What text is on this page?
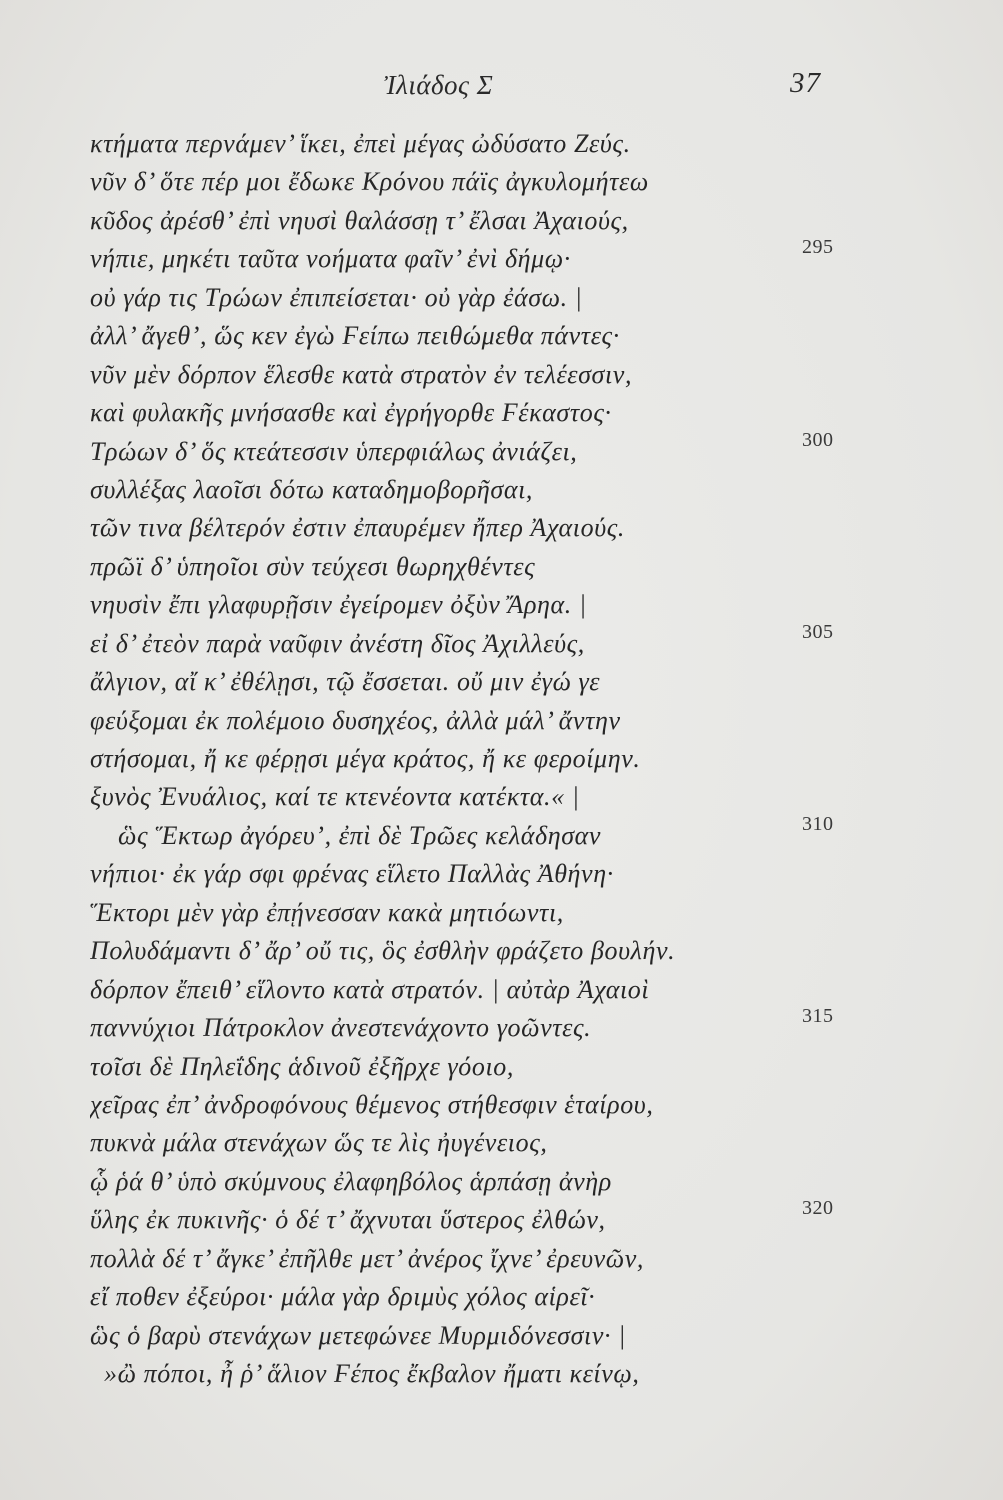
Ἰλιάδος Σ	37
κτήματα περνάμεν’ ἵκει, ἐπεὶ μέγας ὠδύσατο Ζεύς.
νῦν δ’ ὅτε πέρ μοι ἔδωκε Κρόνου πάϊς ἀγκυλομήτεω
κῦδος ἀρέσθ’ ἐπὶ νηυσὶ θαλάσσῃ τ’ ἔλσαι Ἀχαιούς,
νήπιε, μηκέτι ταῦτα νοήματα φαῖν’ ἐνὶ δήμῳ·	295
οὐ γάρ τις Τρώων ἐπιπείσεται· οὐ γὰρ ἐάσω. |
ἀλλ’ ἄγεθ’, ὥς κεν ἐγὼ Ϝείπω πειθώμεθα πάντες·
νῦν μὲν δόρπον ἕλεσθε κατὰ στρατὸν ἐν τελέεσσιν,
καὶ φυλακῆς μνήσασθε καὶ ἐγρήγορθε Ϝέκαστος·
Τρώων δ’ ὅς κτεάτεσσιν ὑπερφιάλως ἀνιάζει,	300
συλλέξας λαοῖσι δότω καταδημοβορῆσαι,
τῶν τινα βέλτερόν ἐστιν ἐπαυρέμεν ἤπερ Ἀχαιούς.
πρῶϊ δ’ ὑπηοῖοι σὺν τεύχεσι θωρηχθέντες
νηυσὶν ἔπι γλαφυρῇσιν ἐγείρομεν ὀξὺν Ἄρηα. |
εἰ δ’ ἐτεὸν παρὰ ναῦφιν ἀνέστη δῖος Ἀχιλλεύς,	305
ἄλγιον, αἴ κ’ ἐθέλῃσι, τῷ ἔσσεται. οὔ μιν ἐγώ γε
φεύξομαι ἐκ πολέμοιο δυσηχέος, ἀλλὰ μάλ’ ἄντην
στήσομαι, ἤ κε φέρῃσι μέγα κράτος, ἤ κε φεροίμην.
ξυνὸς Ἐνυάλιος, καί τε κτενέοντα κατέκτα.« |
ὣς Ἕκτωρ ἀγόρευ’, ἐπὶ δὲ Τρῶες κελάδησαν	310
νήπιοι· ἐκ γάρ σφι φρένας εἵλετο Παλλὰς Ἀθήνη·
Ἕκτορι μὲν γὰρ ἐπῄνεσσαν κακὰ μητιόωντι,
Πολυδάμαντι δ’ ἄρ’ οὔ τις, ὃς ἐσθλὴν φράζετο βουλήν.
δόρπον ἔπειθ’ εἵλοντο κατὰ στρατόν. | αὐτὰρ Ἀχαιοὶ
παννύχιοι Πάτροκλον ἀνεστενάχοντο γοῶντες.	315
τοῖσι δὲ Πηλεΐδης ἁδινοῦ ἐξῆρχε γόοιο,
χεῖρας ἐπ’ ἀνδροφόνους θέμενος στήθεσφιν ἑταίρου,
πυκνὰ μάλα στενάχων ὥς τε λὶς ἠυγένειος,
ᾧ ῥά θ’ ὑπὸ σκύμνους ἐλαφηβόλος ἁρπάσῃ ἀνὴρ
ὕλης ἐκ πυκινῆς· ὁ δέ τ’ ἄχνυται ὕστερος ἐλθών,	320
πολλὰ δέ τ’ ἄγκε’ ἐπῆλθε μετ’ ἀνέρος ἴχνε’ ἐρευνῶν,
εἴ ποθεν ἐξεύροι· μάλα γὰρ δριμὺς χόλος αἱρεῖ·
ὣς ὁ βαρὺ στενάχων μετεφώνεε Μυρμιδόνεσσιν· |
»ὢ πόποι, ἦ ῥ’ ἅλιον Ϝέπος ἔκβαλον ἤματι κείνῳ,
